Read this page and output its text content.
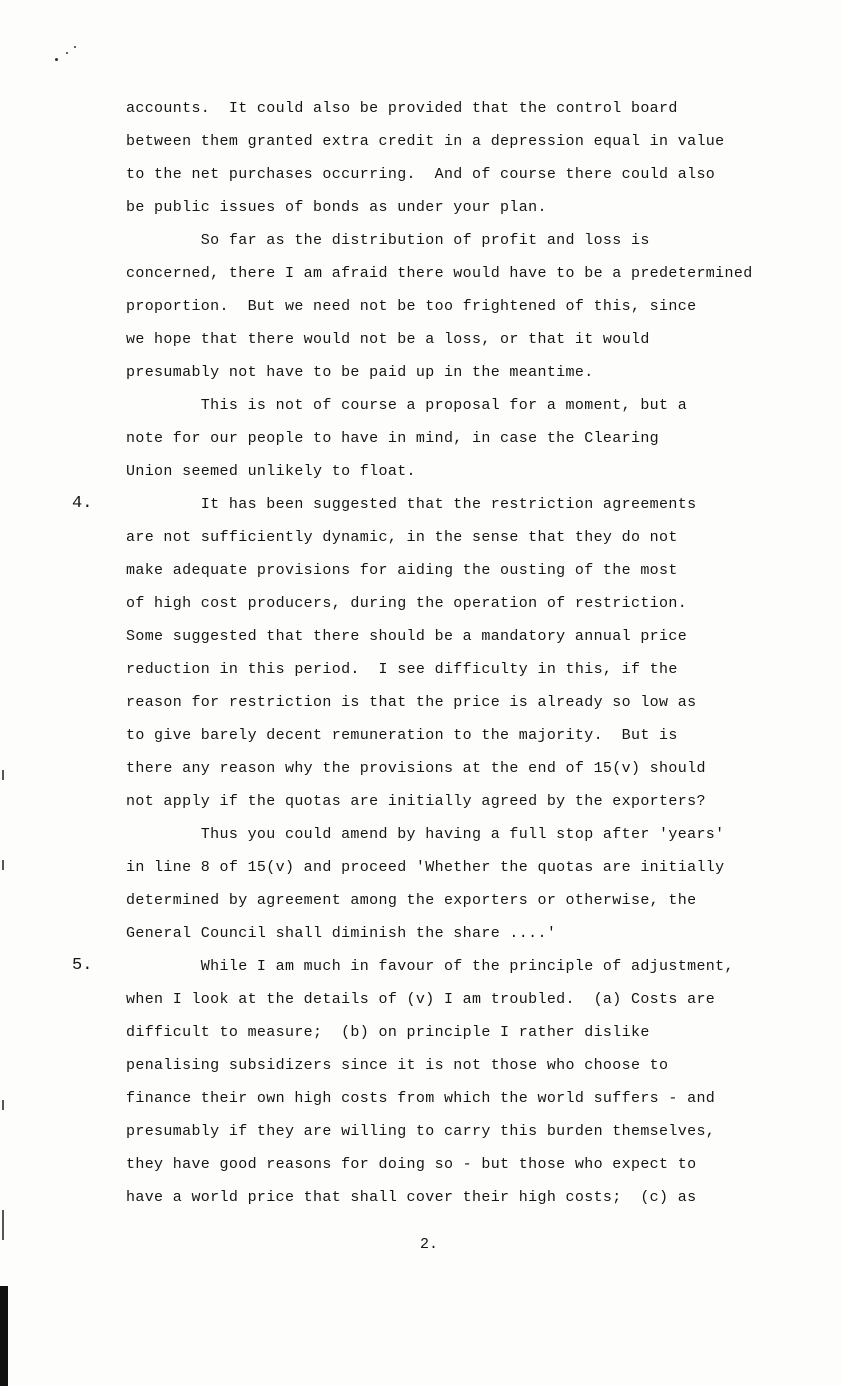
accounts.  It could also be provided that the control board
between them granted extra credit in a depression equal in value
to the net purchases occurring.  And of course there could also
be public issues of bonds as under your plan.
So far as the distribution of profit and loss is
concerned, there I am afraid there would have to be a predetermined
proportion.  But we need not be too frightened of this, since
we hope that there would not be a loss, or that it would
presumably not have to be paid up in the meantime.
This is not of course a proposal for a moment, but a
note for our people to have in mind, in case the Clearing
Union seemed unlikely to float.
4. It has been suggested that the restriction agreements
are not sufficiently dynamic, in the sense that they do not
make adequate provisions for aiding the ousting of the most
of high cost producers, during the operation of restriction.
Some suggested that there should be a mandatory annual price
reduction in this period.  I see difficulty in this, if the
reason for restriction is that the price is already so low as
to give barely decent remuneration to the majority.  But is
there any reason why the provisions at the end of 15(v) should
not apply if the quotas are initially agreed by the exporters?
Thus you could amend by having a full stop after 'years'
in line 8 of 15(v) and proceed 'Whether the quotas are initially
determined by agreement among the exporters or otherwise, the
General Council shall diminish the share ....'
5. While I am much in favour of the principle of adjustment,
when I look at the details of (v) I am troubled.  (a) Costs are
difficult to measure;  (b) on principle I rather dislike
penalising subsidizers since it is not those who choose to
finance their own high costs from which the world suffers - and
presumably if they are willing to carry this burden themselves,
they have good reasons for doing so - but those who expect to
have a world price that shall cover their high costs;  (c) as
2.
